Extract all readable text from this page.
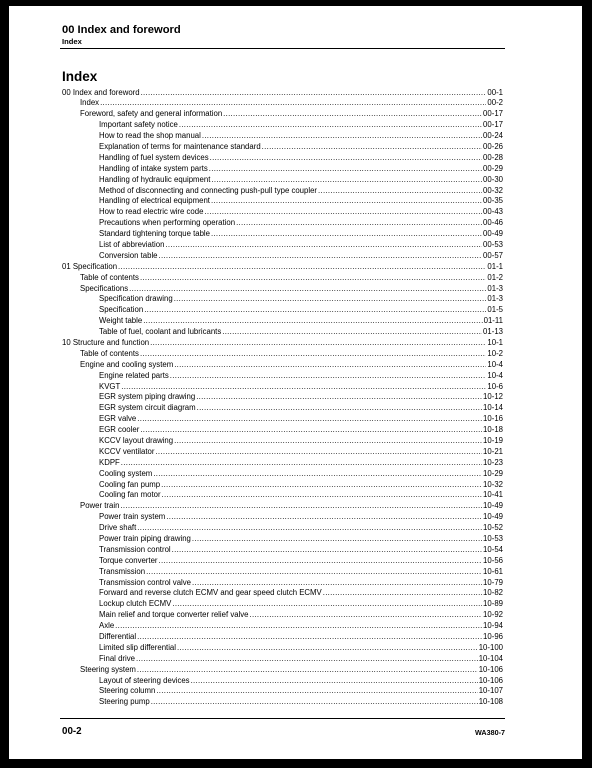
00 Index and foreword
Index
Index
00 Index and foreword .....	00-1
Index .....	00-2
Foreword, safety and general information .....	00-17
Important safety notice .....	00-17
How to read the shop manual .....	00-24
Explanation of terms for maintenance standard .....	00-26
Handling of fuel system devices .....	00-28
Handling of intake system parts .....	00-29
Handling of hydraulic equipment .....	00-30
Method of disconnecting and connecting push-pull type coupler .....	00-32
Handling of electrical equipment .....	00-35
How to read electric wire code .....	00-43
Precautions when performing operation .....	00-46
Standard tightening torque table .....	00-49
List of abbreviation .....	00-53
Conversion table .....	00-57
01 Specification .....	01-1
Table of contents .....	01-2
Specifications .....	01-3
Specification drawing .....	01-3
Specification .....	01-5
Weight table .....	01-11
Table of fuel, coolant and lubricants .....	01-13
10 Structure and function .....	10-1
Table of contents .....	10-2
Engine and cooling system .....	10-4
Engine related parts .....	10-4
KVGT .....	10-6
EGR system piping drawing .....	10-12
EGR system circuit diagram .....	10-14
EGR valve .....	10-16
EGR cooler .....	10-18
KCCV layout drawing .....	10-19
KCCV ventilator .....	10-21
KDPF .....	10-23
Cooling system .....	10-29
Cooling fan pump .....	10-32
Cooling fan motor .....	10-41
Power train .....	10-49
Power train system .....	10-49
Drive shaft .....	10-52
Power train piping drawing .....	10-53
Transmission control .....	10-54
Torque converter .....	10-56
Transmission .....	10-61
Transmission control valve .....	10-79
Forward and reverse clutch ECMV and gear speed clutch ECMV .....	10-82
Lockup clutch ECMV .....	10-89
Main relief and torque converter relief valve .....	10-92
Axle .....	10-94
Differential .....	10-96
Limited slip differential .....	10-100
Final drive .....	10-104
Steering system .....	10-106
Layout of steering devices .....	10-106
Steering column .....	10-107
Steering pump .....	10-108
00-2	WA380-7
